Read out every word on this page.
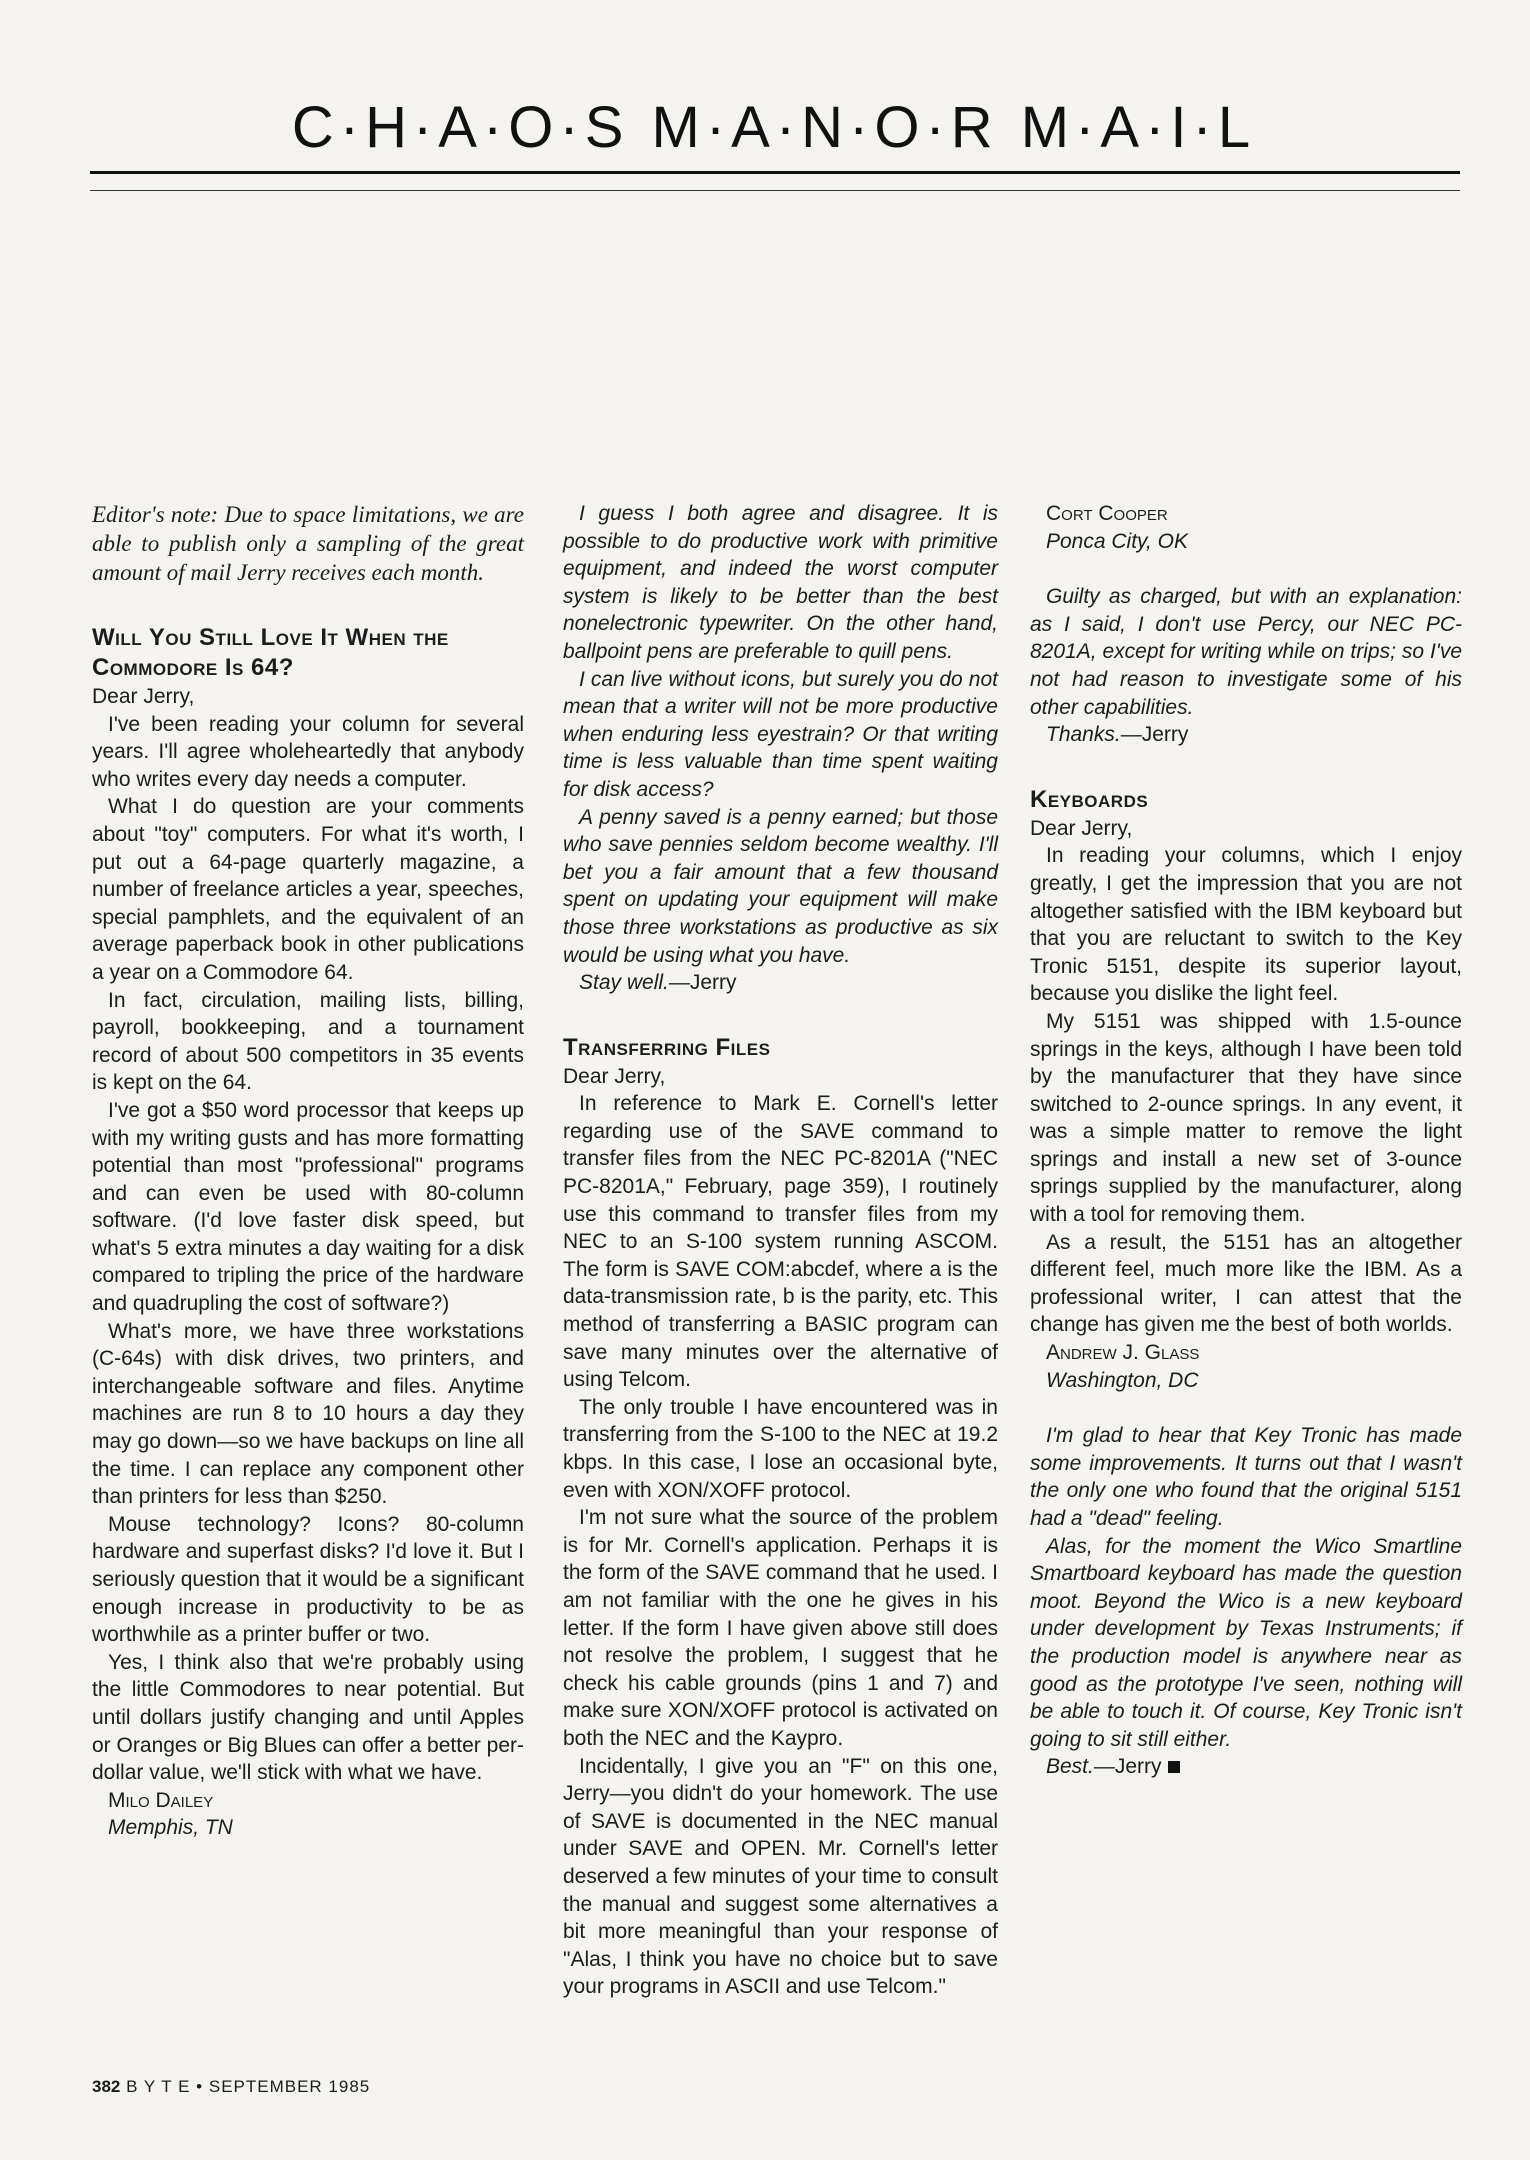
C·H·A·O·S M·A·N·O·R M·A·I·L

Editor's note: Due to space limitations, we are able to publish only a sampling of the great amount of mail Jerry receives each month.

Will You Still Love It When the Commodore Is 64?

Dear Jerry,

I've been reading your column for several years. I'll agree wholeheartedly that anybody who writes every day needs a computer.

What I do question are your comments about "toy" computers. For what it's worth, I put out a 64-page quarterly magazine, a number of freelance articles a year, speeches, special pamphlets, and the equivalent of an average paperback book in other publications a year on a Commodore 64.

In fact, circulation, mailing lists, billing, payroll, bookkeeping, and a tournament record of about 500 competitors in 35 events is kept on the 64.

I've got a $50 word processor that keeps up with my writing gusts and has more formatting potential than most "professional" programs and can even be used with 80-column software. (I'd love faster disk speed, but what's 5 extra minutes a day waiting for a disk compared to tripling the price of the hardware and quadrupling the cost of software?)

What's more, we have three workstations (C-64s) with disk drives, two printers, and interchangeable software and files. Anytime machines are run 8 to 10 hours a day they may go down—so we have backups on line all the time. I can replace any component other than printers for less than $250.

Mouse technology? Icons? 80-column hardware and superfast disks? I'd love it. But I seriously question that it would be a significant enough increase in productivity to be as worthwhile as a printer buffer or two.

Yes, I think also that we're probably using the little Commodores to near potential. But until dollars justify changing and until Apples or Oranges or Big Blues can offer a better per-dollar value, we'll stick with what we have.

Milo Dailey

Memphis, TN

I guess I both agree and disagree. It is possible to do productive work with primitive equipment, and indeed the worst computer system is likely to be better than the best nonelectronic typewriter. On the other hand, ballpoint pens are preferable to quill pens.

I can live without icons, but surely you do not mean that a writer will not be more productive when enduring less eyestrain? Or that writing time is less valuable than time spent waiting for disk access?

A penny saved is a penny earned; but those who save pennies seldom become wealthy. I'll bet you a fair amount that a few thousand spent on updating your equipment will make those three workstations as productive as six would be using what you have.

Stay well.—Jerry

Transferring Files

Dear Jerry,

In reference to Mark E. Cornell's letter regarding use of the SAVE command to transfer files from the NEC PC-8201A ("NEC PC-8201A," February, page 359), I routinely use this command to transfer files from my NEC to an S-100 system running ASCOM. The form is SAVE COM:abcdef, where a is the data-transmission rate, b is the parity, etc. This method of transferring a BASIC program can save many minutes over the alternative of using Telcom.

The only trouble I have encountered was in transferring from the S-100 to the NEC at 19.2 kbps. In this case, I lose an occasional byte, even with XON/XOFF protocol.

I'm not sure what the source of the problem is for Mr. Cornell's application. Perhaps it is the form of the SAVE command that he used. I am not familiar with the one he gives in his letter. If the form I have given above still does not resolve the problem, I suggest that he check his cable grounds (pins 1 and 7) and make sure XON/XOFF protocol is activated on both the NEC and the Kaypro.

Incidentally, I give you an "F" on this one, Jerry—you didn't do your homework. The use of SAVE is documented in the NEC manual under SAVE and OPEN. Mr. Cornell's letter deserved a few minutes of your time to consult the manual and suggest some alternatives a bit more meaningful than your response of "Alas, I think you have no choice but to save your programs in ASCII and use Telcom."

Cort Cooper

Ponca City, OK

Guilty as charged, but with an explanation: as I said, I don't use Percy, our NEC PC-8201A, except for writing while on trips; so I've not had reason to investigate some of his other capabilities.

Thanks.—Jerry

Keyboards

Dear Jerry,

In reading your columns, which I enjoy greatly, I get the impression that you are not altogether satisfied with the IBM keyboard but that you are reluctant to switch to the Key Tronic 5151, despite its superior layout, because you dislike the light feel.

My 5151 was shipped with 1.5-ounce springs in the keys, although I have been told by the manufacturer that they have since switched to 2-ounce springs. In any event, it was a simple matter to remove the light springs and install a new set of 3-ounce springs supplied by the manufacturer, along with a tool for removing them.

As a result, the 5151 has an altogether different feel, much more like the IBM. As a professional writer, I can attest that the change has given me the best of both worlds.

Andrew J. Glass

Washington, DC

I'm glad to hear that Key Tronic has made some improvements. It turns out that I wasn't the only one who found that the original 5151 had a "dead" feeling.

Alas, for the moment the Wico Smartline Smartboard keyboard has made the question moot. Beyond the Wico is a new keyboard under development by Texas Instruments; if the production model is anywhere near as good as the prototype I've seen, nothing will be able to touch it. Of course, Key Tronic isn't going to sit still either.

Best.—Jerry

382 B Y T E • SEPTEMBER 1985
